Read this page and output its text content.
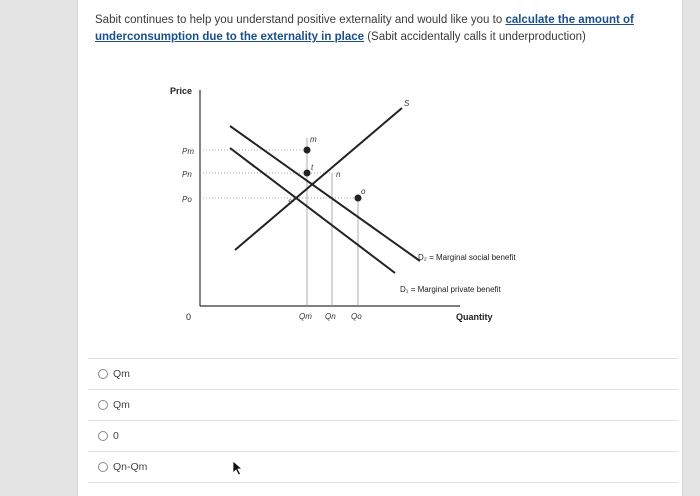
Sabit continues to help you understand positive externality and would like you to calculate the amount of underconsumption due to the externality in place (Sabit accidentally calls it underproduction)
Price
Quantity
0
Pm
Pn
Po
Qm Qn Qo
m
t
n
o
s
S
D₂ = Marginal social benefit
D₁ = Marginal private benefit
Qm
Qm
0
Qn-Qm
